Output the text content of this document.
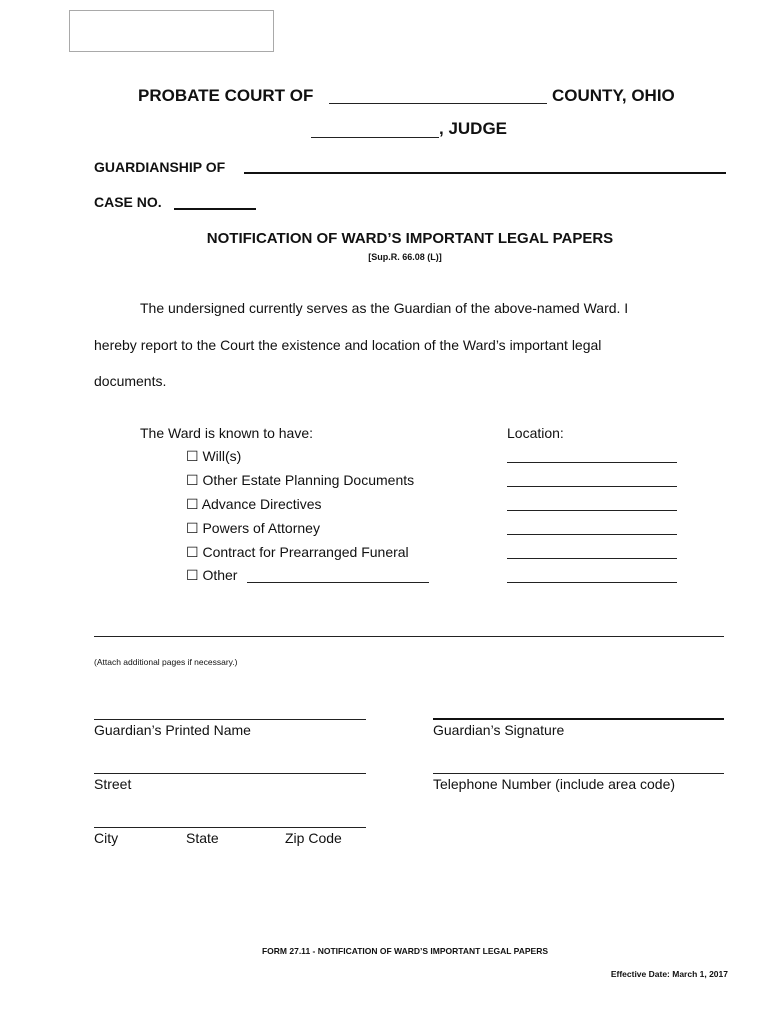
PROBATE COURT OF	COUNTY, OHIO
, JUDGE
GUARDIANSHIP OF
CASE NO.
NOTIFICATION OF WARD’S IMPORTANT LEGAL PAPERS
[Sup.R. 66.08 (L)]
The undersigned currently serves as the Guardian of the above-named Ward. I
hereby report to the Court the existence and location of the Ward’s important legal
documents.
The Ward is known to have:	Location:
☐ Will(s)
☐ Other Estate Planning Documents
☐ Advance Directives
☐ Powers of Attorney
☐ Contract for Prearranged Funeral
☐ Other
(Attach additional pages if necessary.)
Guardian’s Printed Name	Guardian’s Signature
Street	Telephone Number (include area code)
City	State	Zip Code
FORM 27.11 - NOTIFICATION OF WARD’S IMPORTANT LEGAL PAPERS
Effective Date: March 1, 2017
